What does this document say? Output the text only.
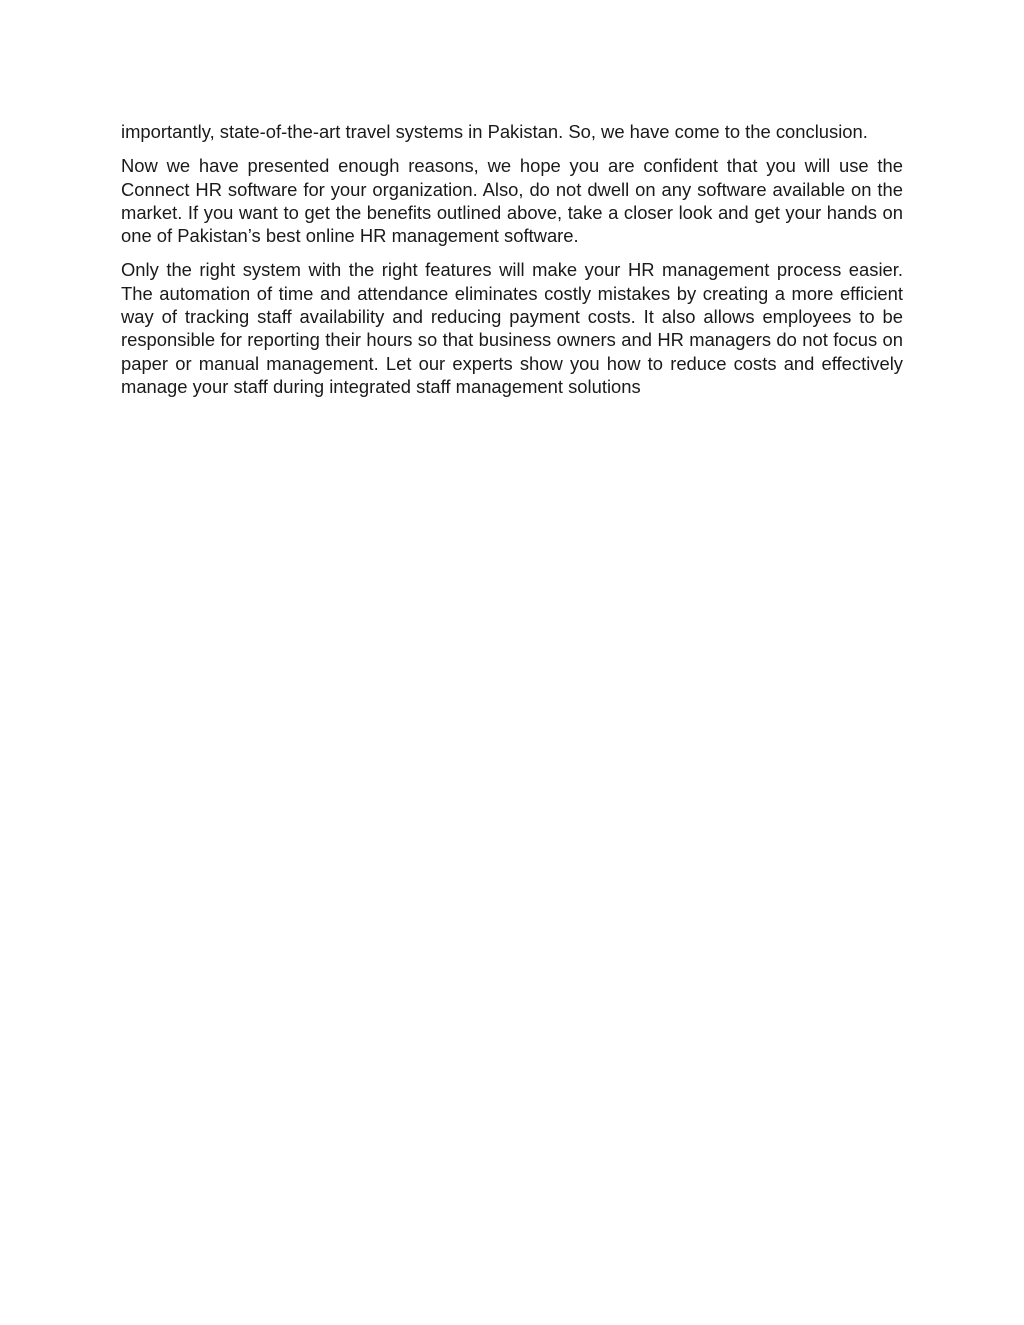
importantly, state-of-the-art travel systems in Pakistan. So, we have come to the conclusion.

Now we have presented enough reasons, we hope you are confident that you will use the Connect HR software for your organization. Also, do not dwell on any software available on the market. If you want to get the benefits outlined above, take a closer look and get your hands on one of Pakistan’s best online HR management software.

Only the right system with the right features will make your HR management process easier. The automation of time and attendance eliminates costly mistakes by creating a more efficient way of tracking staff availability and reducing payment costs. It also allows employees to be responsible for reporting their hours so that business owners and HR managers do not focus on paper or manual management. Let our experts show you how to reduce costs and effectively manage your staff during integrated staff management solutions
